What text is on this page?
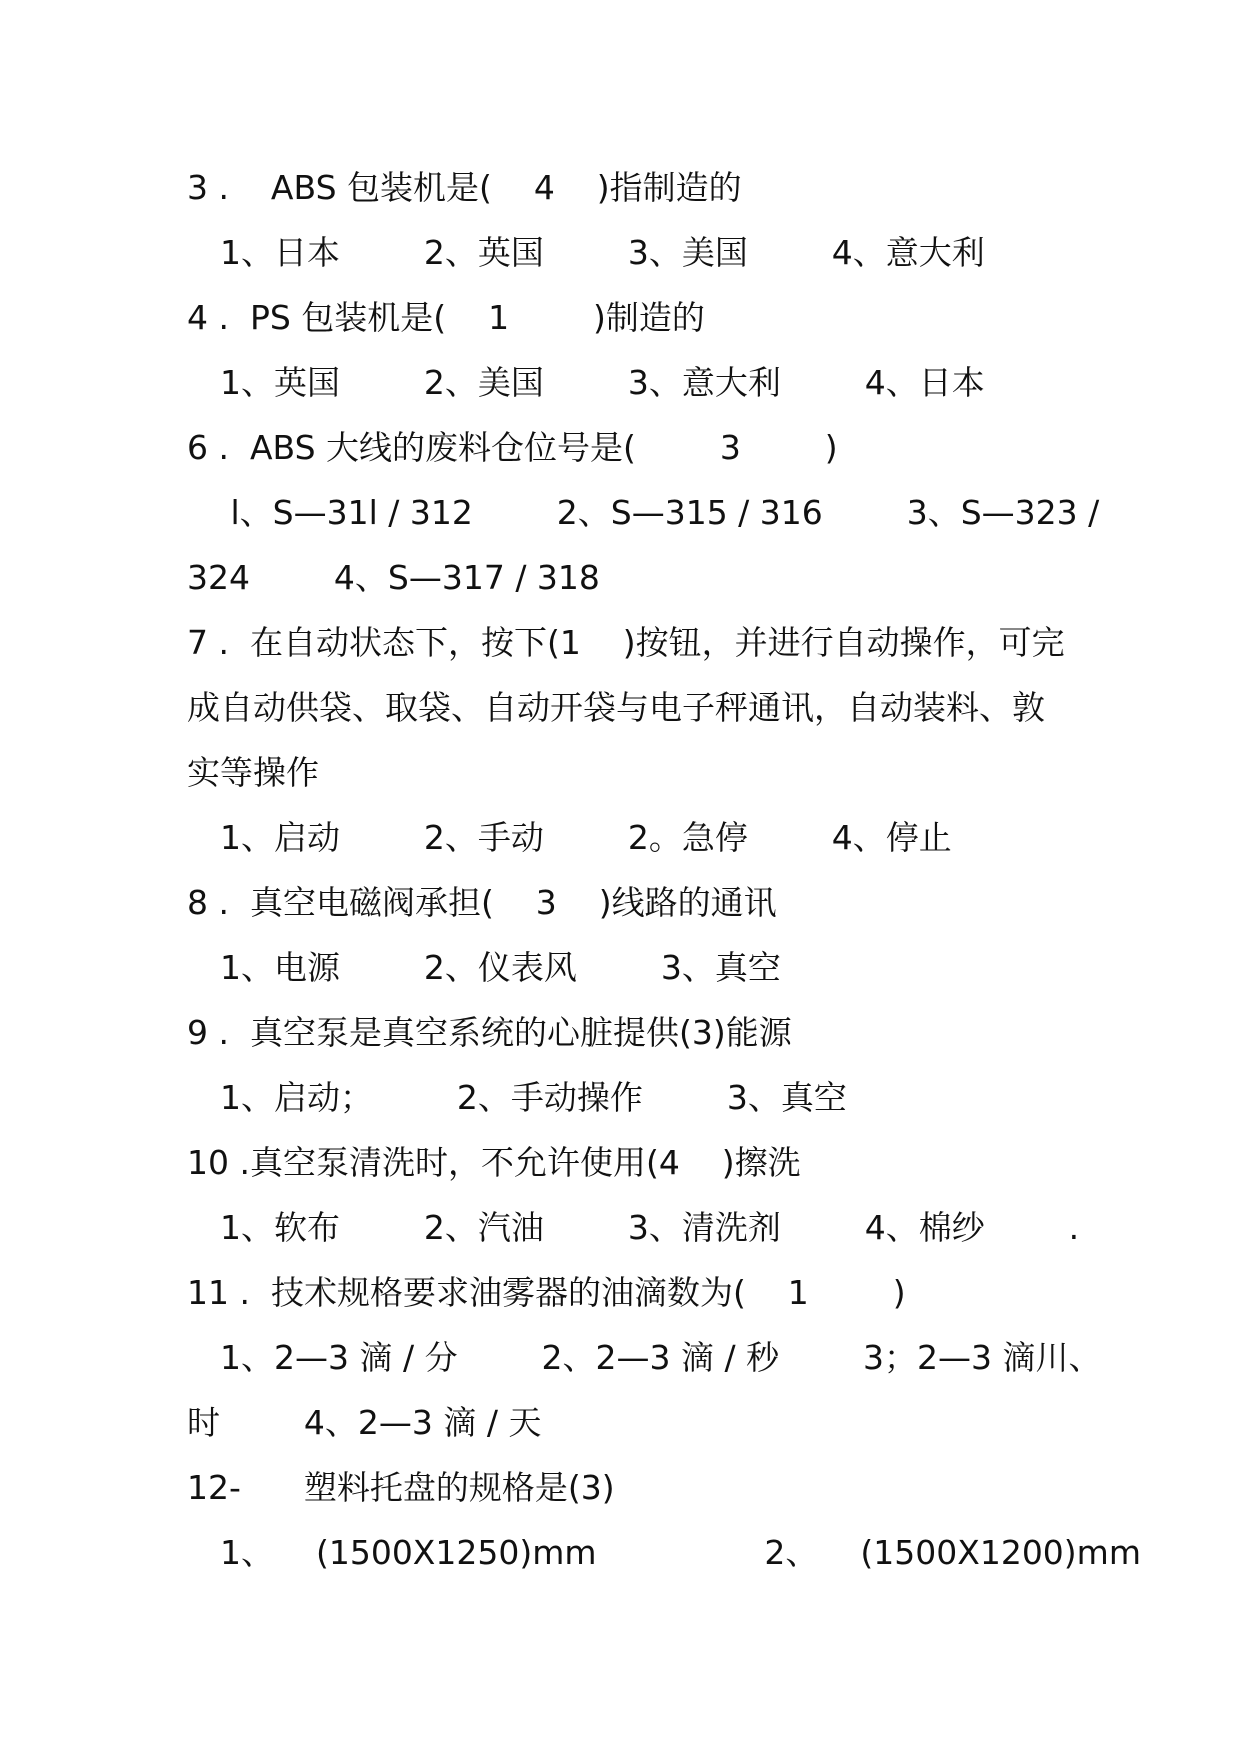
3 .    ABS 包装机是(    4    )指制造的

1、日本        2、英国        3、美国        4、意大利

4 .  PS 包装机是(    1        )制造的

1、英国        2、美国        3、意大利        4、日本

6 .  ABS 大线的废料仓位号是(        3        )

l、S—31l / 312        2、S—315 / 316        3、S—323 /

324        4、S—317 / 318

7 .  在自动状态下，按下(1    )按钮，并进行自动操作，可完

成自动供袋、取袋、自动开袋与电子秤通讯，自动装料、敦

实等操作

1、启动        2、手动        2。急停        4、停止

8 .  真空电磁阀承担(    3    )线路的通讯

1、电源        2、仪表风        3、真空

9 .  真空泵是真空系统的心脏提供(3)能源

1、启动；        2、手动操作        3、真空

10 .真空泵清洗时，不允许使用(4    )擦洗

1、软布        2、汽油        3、清洗剂        4、棉纱        .

11 .  技术规格要求油雾器的油滴数为(    1        )

1、2—3 滴 / 分        2、2—3 滴 / 秒        3；2—3 滴川、

时        4、2—3 滴 / 天

12-      塑料托盘的规格是(3)

1、    (1500X1250)mm                2、    (1500X1200)mm
